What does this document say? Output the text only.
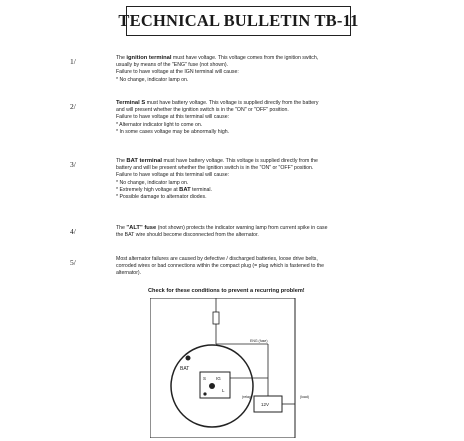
TECHNICAL BULLETIN TB-11
1/	The ignition terminal must have voltage. This voltage comes from the ignition switch,
usually by means of the "ENG" fuse (not shown).
Failure to have voltage at the IGN terminal will cause:
* No change, indicator lamp on.
2/	Terminal S must have battery voltage. This voltage is supplied directly from the battery
and will present whether the ignition switch is in the "ON" or "OFF" position.
Failure to have voltage at this terminal will cause:
* Alternator indicator light to come on.
* In some cases voltage may be abnormally high.
3/	The BAT terminal must have battery voltage. This voltage is supplied directly from the
battery and will be present whether the ignition switch is in the "ON" or "OFF" position.
Failure to have voltage at this terminal will cause:
* No change, indicator lamp on.
* Extremely high voltage at BAT terminal.
* Possible damage to alternator diodes.
4/	The "ALT" fuse (not shown) protects the indicator warning lamp from current spike in case
the BAT wire should become disconnected from the alternator.
5/	Most alternator failures are caused by defective / discharged batteries, loose drive belts,
corroded wires or bad connections within the compact plug (= plug which is fastened to the
alternator).
Check for these conditions to prevent a recurring problem!
ENG (fuse)
BAT
S IG
L
12V
(relay)	(load)
